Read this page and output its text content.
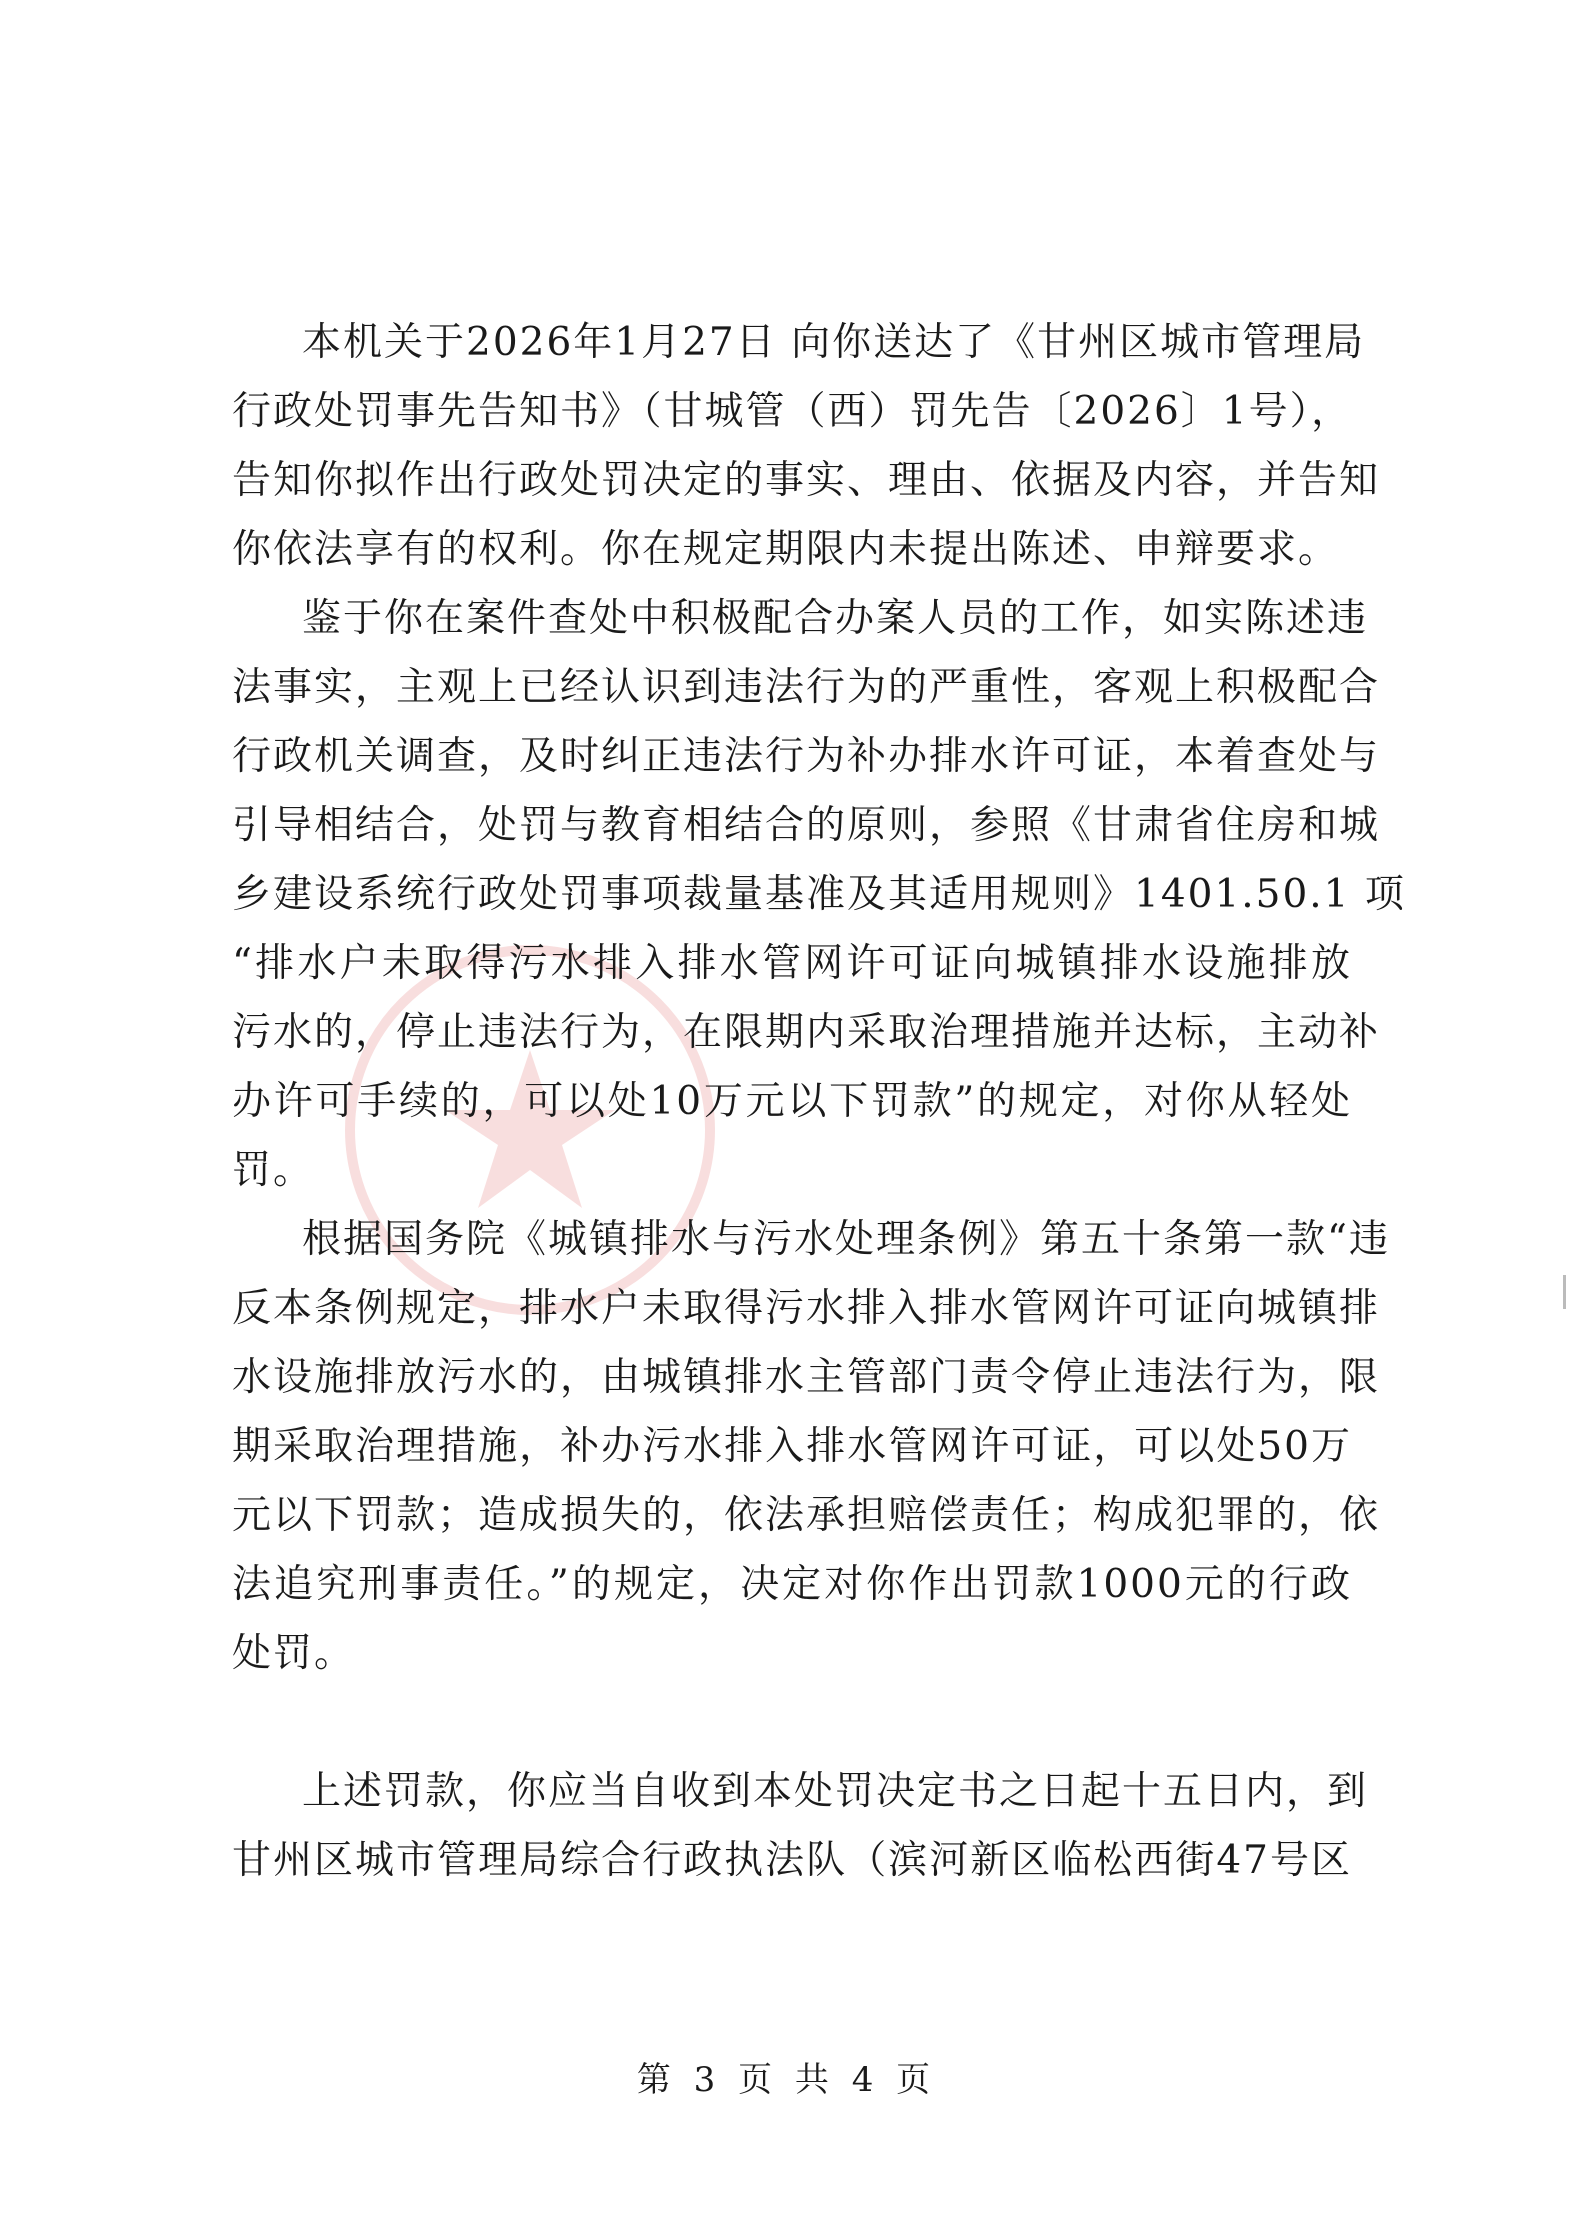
本机关于2026年1月27日 向你送达了《甘州区城市管理局
行政处罚事先告知书》（甘城管（西）罚先告〔2026〕1号），
告知你拟作出行政处罚决定的事实、理由、依据及内容，并告知
你依法享有的权利。你在规定期限内未提出陈述、申辩要求。
鉴于你在案件查处中积极配合办案人员的工作，如实陈述违
法事实，主观上已经认识到违法行为的严重性，客观上积极配合
行政机关调查，及时纠正违法行为补办排水许可证，本着查处与
引导相结合，处罚与教育相结合的原则，参照《甘肃省住房和城
乡建设系统行政处罚事项裁量基准及其适用规则》1401.50.1 项
“排水户未取得污水排入排水管网许可证向城镇排水设施排放
污水的，停止违法行为，在限期内采取治理措施并达标，主动补
办许可手续的，可以处10万元以下罚款”的规定，对你从轻处
罚。
根据国务院《城镇排水与污水处理条例》第五十条第一款“违
反本条例规定，排水户未取得污水排入排水管网许可证向城镇排
水设施排放污水的，由城镇排水主管部门责令停止违法行为，限
期采取治理措施，补办污水排入排水管网许可证，可以处50万
元以下罚款；造成损失的，依法承担赔偿责任；构成犯罪的，依
法追究刑事责任。”的规定，决定对你作出罚款1000元的行政
处罚。
上述罚款，你应当自收到本处罚决定书之日起十五日内，到
甘州区城市管理局综合行政执法队（滨河新区临松西街47号区
第 3 页 共 4 页
